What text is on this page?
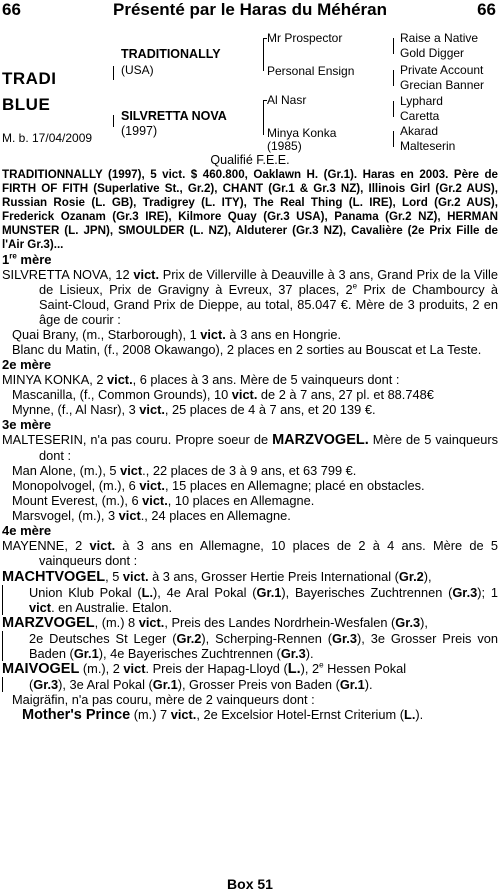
66	Présenté par le Haras du Méhéran	66
TRADI
BLUE
M. b. 17/04/2009
TRADITIONALLY
(USA)
SILVRETTA NOVA
(1997)
Mr Prospector
Personal Ensign
Al Nasr
Minya Konka
(1985)
Raise a Native
Gold Digger
Private Account
Grecian Banner
Lyphard
Caretta
Akarad
Malteserin
Qualifié F.E.E.

TRADITIONNALLY (1997), 5 vict. $ 460.800, Oaklawn H. (Gr.1). Haras en 2003. Père de FIRTH OF FITH (Superlative St., Gr.2), CHANT (Gr.1 & Gr.3 NZ), Illinois Girl (Gr.2 AUS), Russian Rosie (L. GB), Tradigrey (L. ITY), The Real Thing (L. IRE), Lord (Gr.2 AUS), Frederick Ozanam (Gr.3 IRE), Kilmore Quay (Gr.3 USA), Panama (Gr.2 NZ), HERMAN MUNSTER (L. JPN), SMOULDER (L. NZ), Alduterer (Gr.3 NZ), Cavalière (2e Prix Fille de l'Air Gr.3)...

1re mère

SILVRETTA NOVA, 12 vict. Prix de Villerville à Deauville à 3 ans, Grand Prix de la Ville de Lisieux, Prix de Gravigny à Evreux, 37 places, 2e Prix de Chambourcy à Saint-Cloud, Grand Prix de Dieppe, au total, 85.047 €. Mère de 3 produits, 2 en âge de courir :

Quai Brany, (m., Starborough), 1 vict. à 3 ans en Hongrie.

Blanc du Matin, (f., 2008 Okawango), 2 places en 2 sorties au Bouscat et La Teste.

2e mère

MINYA KONKA, 2 vict., 6 places à 3 ans. Mère de 5 vainqueurs dont :

Mascanilla, (f., Common Grounds), 10 vict. de 2 à 7 ans, 27 pl. et 88.748€

Mynne, (f., Al Nasr), 3 vict., 25 places de 4 à 7 ans, et 20 139 €.

3e mère

MALTESERIN, n'a pas couru. Propre soeur de MARZVOGEL. Mère de 5 vainqueurs dont :

Man Alone, (m.), 5 vict., 22 places de 3 à 9 ans, et 63 799 €.

Monopolvogel, (m.), 6 vict., 15 places en Allemagne; placé en obstacles.

Mount Everest, (m.), 6 vict., 10 places en Allemagne.

Marsvogel, (m.), 3 vict., 24 places en Allemagne.

4e mère

MAYENNE, 2 vict. à 3 ans en Allemagne, 10 places de 2 à 4 ans. Mère de 5 vainqueurs dont :

MACHTVOGEL, 5 vict. à 3 ans, Grosser Hertie Preis International (Gr.2),

Union Klub Pokal (L.), 4e Aral Pokal (Gr.1), Bayerisches Zuchtrennen (Gr.3); 1 vict. en Australie. Etalon.

MARZVOGEL, (m.) 8 vict., Preis des Landes Nordrhein-Wesfalen (Gr.3),

2e Deutsches St Leger (Gr.2), Scherping-Rennen (Gr.3), 3e Grosser Preis von Baden (Gr.1), 4e Bayerisches Zuchtrennen (Gr.3).

MAIVOGEL (m.), 2 vict. Preis der Hapag-Lloyd (L.), 2e Hessen Pokal

(Gr.3), 3e Aral Pokal (Gr.1), Grosser Preis von Baden (Gr.1).

Maigräfin, n'a pas couru, mère de 2 vainqueurs dont :

Mother's Prince (m.) 7 vict., 2e Excelsior Hotel-Ernst Criterium (L.).

Box 51
